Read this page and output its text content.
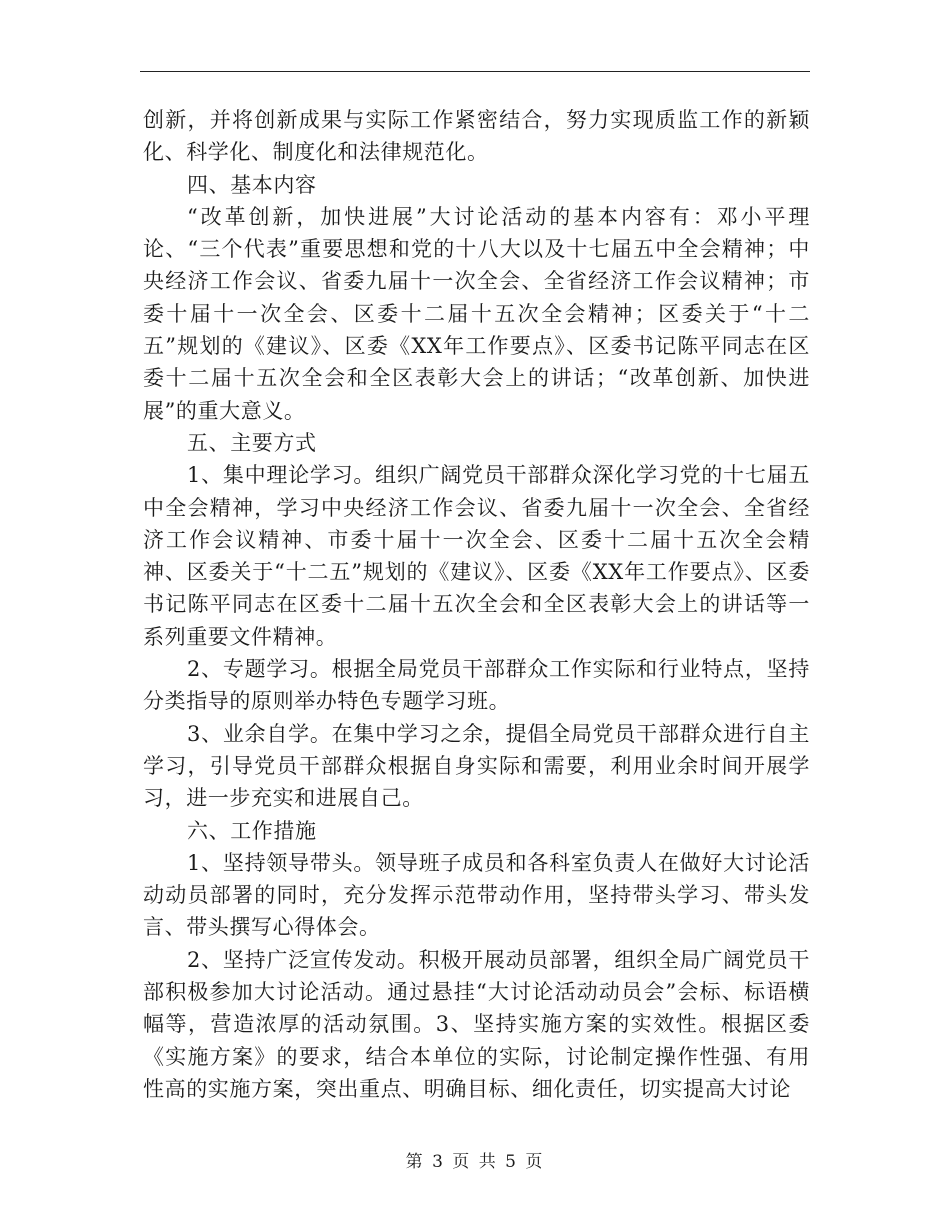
创新，并将创新成果与实际工作紧密结合，努力实现质监工作的新颖化、科学化、制度化和法律规范化。

四、基本内容

“改革创新，加快进展”大讨论活动的基本内容有：邓小平理论、“三个代表”重要思想和党的十八大以及十七届五中全会精神；中央经济工作会议、省委九届十一次全会、全省经济工作会议精神；市委十届十一次全会、区委十二届十五次全会精神；区委关于“十二五”规划的《建议》、区委《XX年工作要点》、区委书记陈平同志在区委十二届十五次全会和全区表彰大会上的讲话；“改革创新、加快进展”的重大意义。

五、主要方式

1、集中理论学习。组织广阔党员干部群众深化学习党的十七届五中全会精神，学习中央经济工作会议、省委九届十一次全会、全省经济工作会议精神、市委十届十一次全会、区委十二届十五次全会精神、区委关于“十二五”规划的《建议》、区委《XX年工作要点》、区委书记陈平同志在区委十二届十五次全会和全区表彰大会上的讲话等一系列重要文件精神。

2、专题学习。根据全局党员干部群众工作实际和行业特点，坚持分类指导的原则举办特色专题学习班。

3、业余自学。在集中学习之余，提倡全局党员干部群众进行自主学习，引导党员干部群众根据自身实际和需要，利用业余时间开展学习，进一步充实和进展自己。

六、工作措施

1、坚持领导带头。领导班子成员和各科室负责人在做好大讨论活动动员部署的同时，充分发挥示范带动作用，坚持带头学习、带头发言、带头撰写心得体会。

2、坚持广泛宣传发动。积极开展动员部署，组织全局广阔党员干部积极参加大讨论活动。通过悬挂“大讨论活动动员会”会标、标语横幅等，营造浓厚的活动氛围。3、坚持实施方案的实效性。根据区委《实施方案》的要求，结合本单位的实际，讨论制定操作性强、有用性高的实施方案，突出重点、明确目标、细化责任，切实提高大讨论

第 3 页 共 5 页
